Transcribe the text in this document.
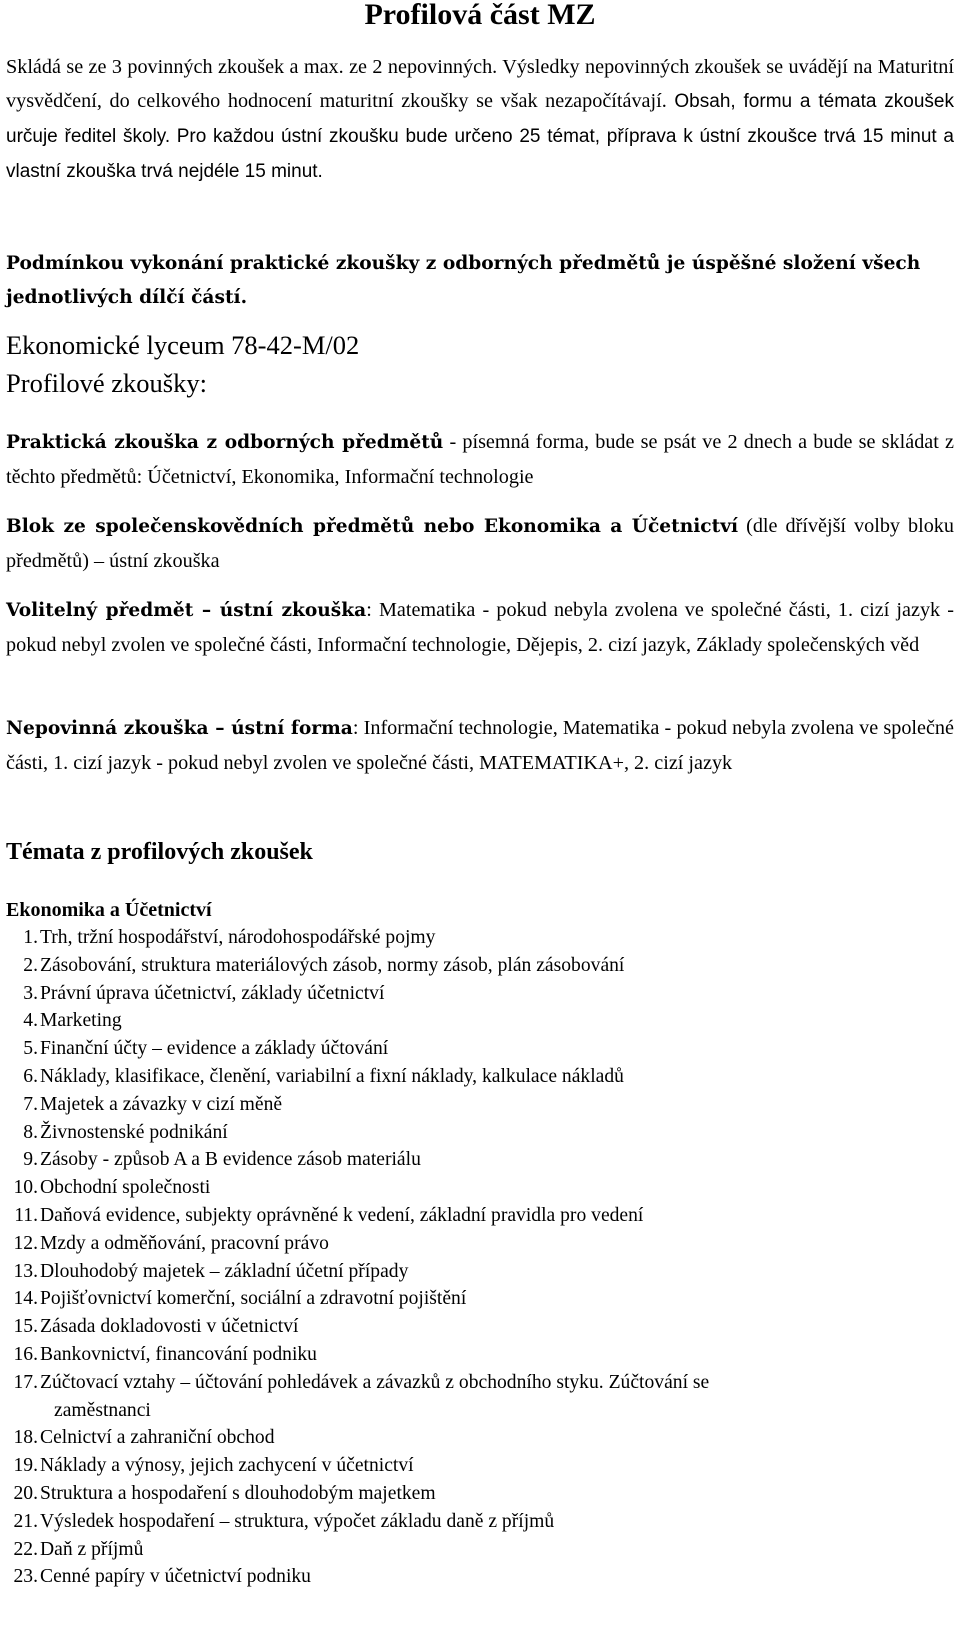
Profilová část MZ

Skládá se ze 3 povinných zkoušek a max. ze 2 nepovinných. Výsledky nepovinných zkoušek se uvádějí na Maturitní vysvědčení, do celkového hodnocení maturitní zkoušky se však nezapočítávají. Obsah, formu a témata zkoušek určuje ředitel školy. Pro každou ústní zkoušku bude určeno 25 témat, příprava k ústní zkoušce trvá 15 minut a vlastní zkouška trvá nejdéle 15 minut.

Podmínkou vykonání praktické zkoušky z odborných předmětů je úspěšné složení všech jednotlivých dílčí částí.

Ekonomické lyceum 78-42-M/02
Profilové zkoušky:

Praktická zkouška z odborných předmětů - písemná forma, bude se psát ve 2 dnech a bude se skládat z těchto předmětů: Účetnictví, Ekonomika, Informační technologie

Blok ze společenskovědních předmětů nebo Ekonomika a Účetnictví (dle dřívější volby bloku předmětů) – ústní zkouška

Volitelný předmět – ústní zkouška: Matematika - pokud nebyla zvolena ve společné části, 1. cizí jazyk - pokud nebyl zvolen ve společné části, Informační technologie, Dějepis, 2. cizí jazyk, Základy společenských věd

Nepovinná zkouška – ústní forma: Informační technologie, Matematika - pokud nebyla zvolena ve společné části, 1. cizí jazyk - pokud nebyl zvolen ve společné části, MATEMATIKA+, 2. cizí jazyk

Témata z profilových zkoušek
Ekonomika a Účetnictví
1. Trh, tržní hospodářství, národohospodářské pojmy
2. Zásobování, struktura materiálových zásob, normy zásob, plán zásobování
3. Právní úprava účetnictví, základy účetnictví
4. Marketing
5. Finanční účty – evidence a základy účtování
6. Náklady, klasifikace, členění, variabilní a fixní náklady, kalkulace nákladů
7. Majetek a závazky v cizí měně
8. Živnostenské podnikání
9. Zásoby - způsob A a B evidence zásob materiálu
10. Obchodní společnosti
11. Daňová evidence, subjekty oprávněné k vedení, základní pravidla pro vedení
12. Mzdy a odměňování, pracovní právo
13. Dlouhodobý majetek – základní účetní případy
14. Pojišťovnictví komerční, sociální a zdravotní pojištění
15. Zásada dokladovosti v účetnictví
16. Bankovnictví, financování podniku
17. Zúčtovací vztahy – účtování pohledávek a závazků z obchodního styku. Zúčtování se
zaměstnanci
18. Celnictví a zahraniční obchod
19. Náklady a výnosy, jejich zachycení v účetnictví
20. Struktura a hospodaření s dlouhodobým majetkem
21. Výsledek hospodaření – struktura, výpočet základu daně z příjmů
22. Daň z příjmů
23. Cenné papíry v účetnictví podniku
